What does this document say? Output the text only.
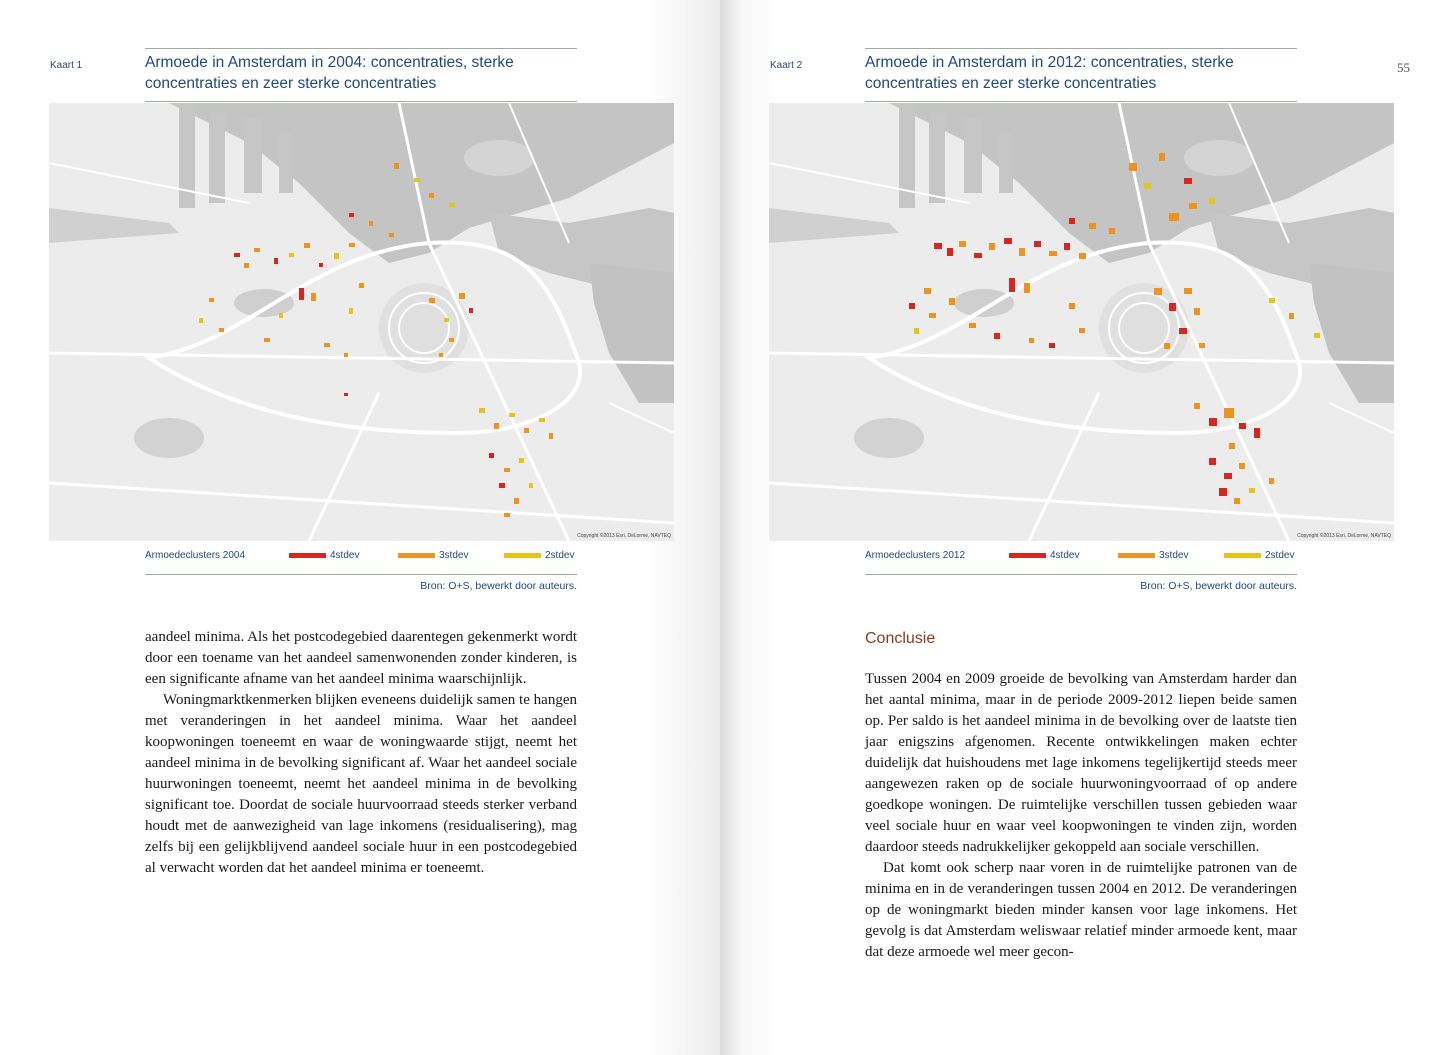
Kaart 1	Armoede in Amsterdam in 2004: concentraties, sterke concentraties en zeer sterke concentraties
Copyright ©2013 Esri, DeLorme, NAVTEQ
Armoedeclusters 2004	4stdev	3stdev	2stdev
Bron: O+S, bewerkt door auteurs.

aandeel minima. Als het postcodegebied daarentegen gekenmerkt wordt door een toename van het aandeel samenwonenden zonder kinderen, is een significante afname van het aandeel minima waarschijnlijk.

Woningmarktkenmerken blijken eveneens duidelijk samen te hangen met veranderingen in het aandeel minima. Waar het aandeel koopwoningen toeneemt en waar de woningwaarde stijgt, neemt het aandeel minima in de bevolking significant af. Waar het aandeel sociale huurwoningen toeneemt, neemt het aandeel minima in de bevolking significant toe. Doordat de sociale huurvoorraad steeds sterker verband houdt met de aanwezigheid van lage inkomens (residualisering), mag zelfs bij een gelijkblijvend aandeel sociale huur in een postcodegebied al verwacht worden dat het aandeel minima er toeneemt.

Kaart 2	55
Armoede in Amsterdam in 2012: concentraties, sterke concentraties en zeer sterke concentraties
Copyright ©2013 Esri, DeLorme, NAVTEQ
Armoedeclusters 2012	4stdev	3stdev	2stdev
Bron: O+S, bewerkt door auteurs.
Conclusie

Tussen 2004 en 2009 groeide de bevolking van Amsterdam harder dan het aantal minima, maar in de periode 2009-2012 liepen beide samen op. Per saldo is het aandeel minima in de bevolking over de laatste tien jaar enigszins afgenomen. Recente ontwikkelingen maken echter duidelijk dat huishoudens met lage inkomens tegelijkertijd steeds meer aangewezen raken op de sociale huurwoningvoorraad of op andere goedkope woningen. De ruimtelijke verschillen tussen gebieden waar veel sociale huur en waar veel koopwoningen te vinden zijn, worden daardoor steeds nadrukkelijker gekoppeld aan sociale verschillen.

Dat komt ook scherp naar voren in de ruimtelijke patronen van de minima en in de veranderingen tussen 2004 en 2012. De veranderingen op de woningmarkt bieden minder kansen voor lage inkomens. Het gevolg is dat Amsterdam weliswaar relatief minder armoede kent, maar dat deze armoede wel meer gecon-
